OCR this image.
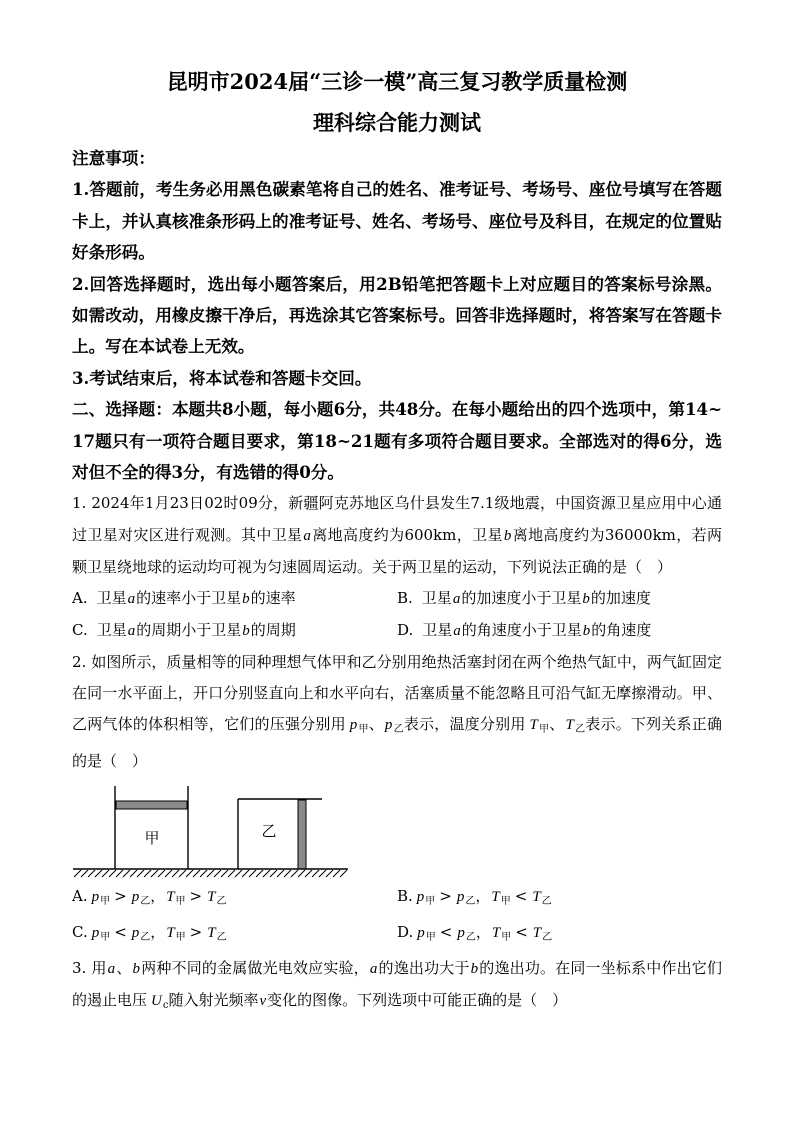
昆明市2024届“三诊一模”高三复习教学质量检测
理科综合能力测试

注意事项：

1.答题前，考生务必用黑色碳素笔将自己的姓名、准考证号、考场号、座位号填写在答题卡上，并认真核准条形码上的准考证号、姓名、考场号、座位号及科目，在规定的位置贴好条形码。

2.回答选择题时，选出每小题答案后，用2B铅笔把答题卡上对应题目的答案标号涂黑。如需改动，用橡皮擦干净后，再选涂其它答案标号。回答非选择题时，将答案写在答题卡上。写在本试卷上无效。

3.考试结束后，将本试卷和答题卡交回。

二、选择题：本题共8小题，每小题6分，共48分。在每小题给出的四个选项中，第14~17题只有一项符合题目要求，第18~21题有多项符合题目要求。全部选对的得6分，选对但不全的得3分，有选错的得0分。

1. 2024年1月23日02时09分，新疆阿克苏地区乌什县发生7.1级地震，中国资源卫星应用中心通过卫星对灾区进行观测。其中卫星a离地高度约为600km，卫星b离地高度约为36000km，若两颗卫星绕地球的运动均可视为匀速圆周运动。关于两卫星的运动，下列说法正确的是（　）

A. 卫星a的速率小于卫星b的速率	B. 卫星a的加速度小于卫星b的加速度
C. 卫星a的周期小于卫星b的周期	D. 卫星a的角速度小于卫星b的角速度

2. 如图所示，质量相等的同种理想气体甲和乙分别用绝热活塞封闭在两个绝热气缸中，两气缸固定在同一水平面上，开口分别竖直向上和水平向右，活塞质量不能忽略且可沿气缸无摩擦滑动。甲、乙两气体的体积相等，它们的压强分别用 $p_甲$、$p_乙$表示，温度分别用 $T_甲$、$T_乙$表示。下列关系正确的是（　）

甲	乙
A. $p_甲 > p_乙$，$T_甲 > T_乙$	B. $p_甲 > p_乙$，$T_甲 < T_乙$
C. $p_甲 < p_乙$，$T_甲 > T_乙$	D. $p_甲 < p_乙$，$T_甲 < T_乙$

3. 用a、b两种不同的金属做光电效应实验，a的逸出功大于b的逸出功。在同一坐标系中作出它们的遏止电压 $U_c$随入射光频率ν变化的图像。下列选项中可能正确的是（　）
